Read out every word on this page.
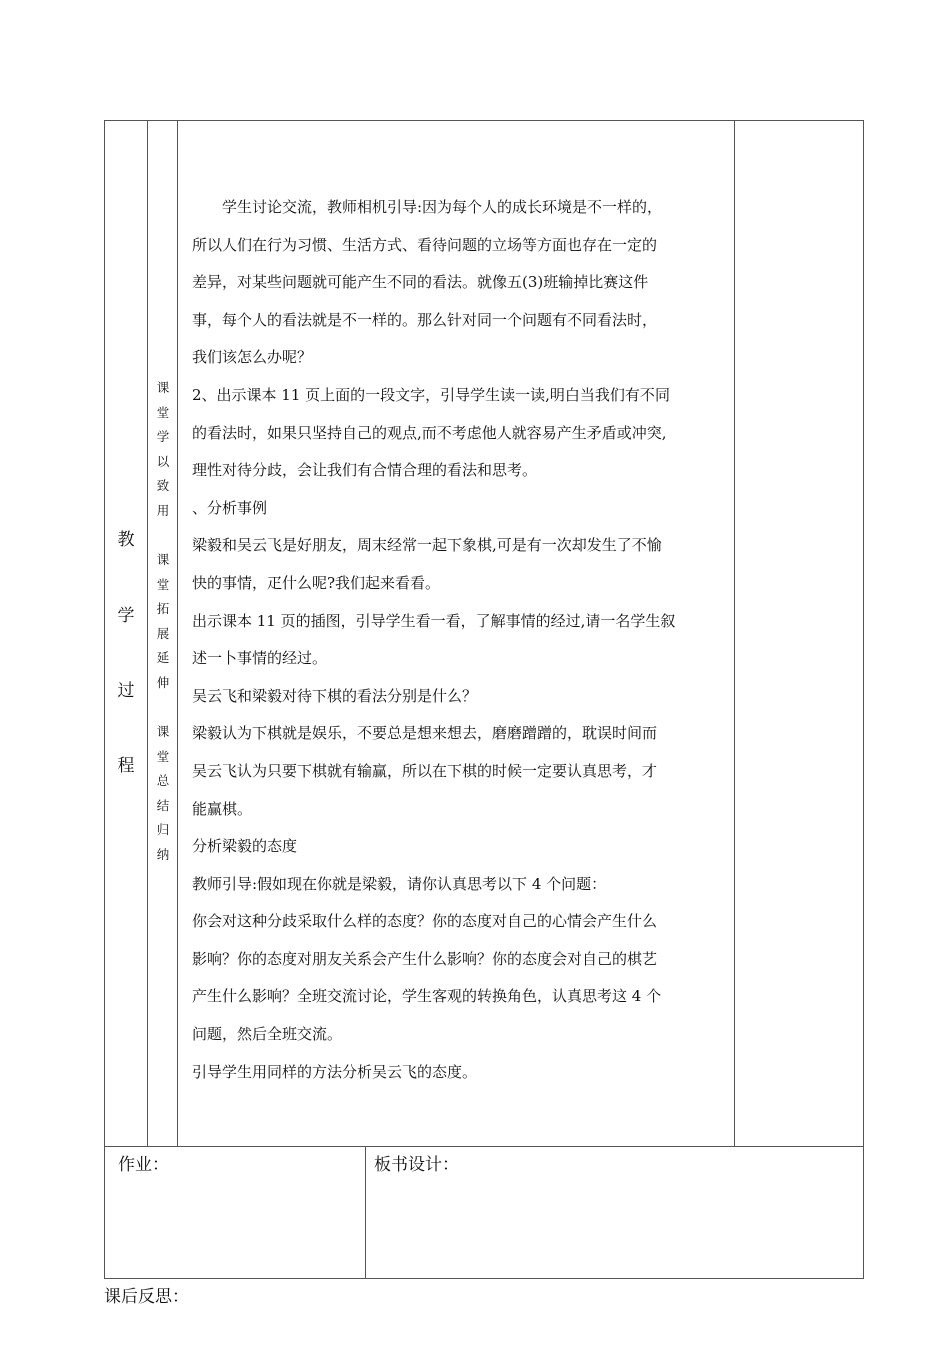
教
学
过
程
课
堂
学
以
致
用
课
堂
拓
展
延
伸
课
堂
总
结
归
纳

学生讨论交流，教师相机引导:因为每个人的成长环境是不一样的，

所以人们在行为习惯、生活方式、看待问题的立场等方面也存在一定的

差异，对某些问题就可能产生不同的看法。就像五(3)班输掉比赛这件

事，每个人的看法就是不一样的。那么针对同一个问题有不同看法时，

我们该怎么办呢？

2、出示课本 11 页上面的一段文字，引导学生读一读,明白当我们有不同

的看法时，如果只坚持自己的观点,而不考虑他人就容易产生矛盾或冲突,

理性对待分歧，会让我们有合情合理的看法和思考。

、分析事例

梁毅和吴云飞是好朋友，周末经常一起下象棋,可是有一次却发生了不愉

快的事情，疋什么呢?我们起来看看。

出示课本 11 页的插图，引导学生看一看，了解事情的经过,请一名学生叙

述一卜事情的经过。

吴云飞和梁毅对待下棋的看法分别是什么？

梁毅认为下棋就是娱乐，不要总是想来想去，磨磨蹭蹭的，耽误时间而

吴云飞认为只要下棋就有输赢，所以在下棋的时候一定要认真思考，才

能赢棋。

分析梁毅的态度

教师引导:假如现在你就是梁毅，请你认真思考以下 4 个问题：

你会对这种分歧采取什么样的态度？你的态度对自己的心情会产生什么

影响？你的态度对朋友关系会产生什么影响？你的态度会对自己的棋艺

产生什么影响？全班交流讨论，学生客观的转换角色，认真思考这 4 个

问题，然后全班交流。

引导学生用同样的方法分析吴云飞的态度。

作业：	板书设计：
课后反思：
